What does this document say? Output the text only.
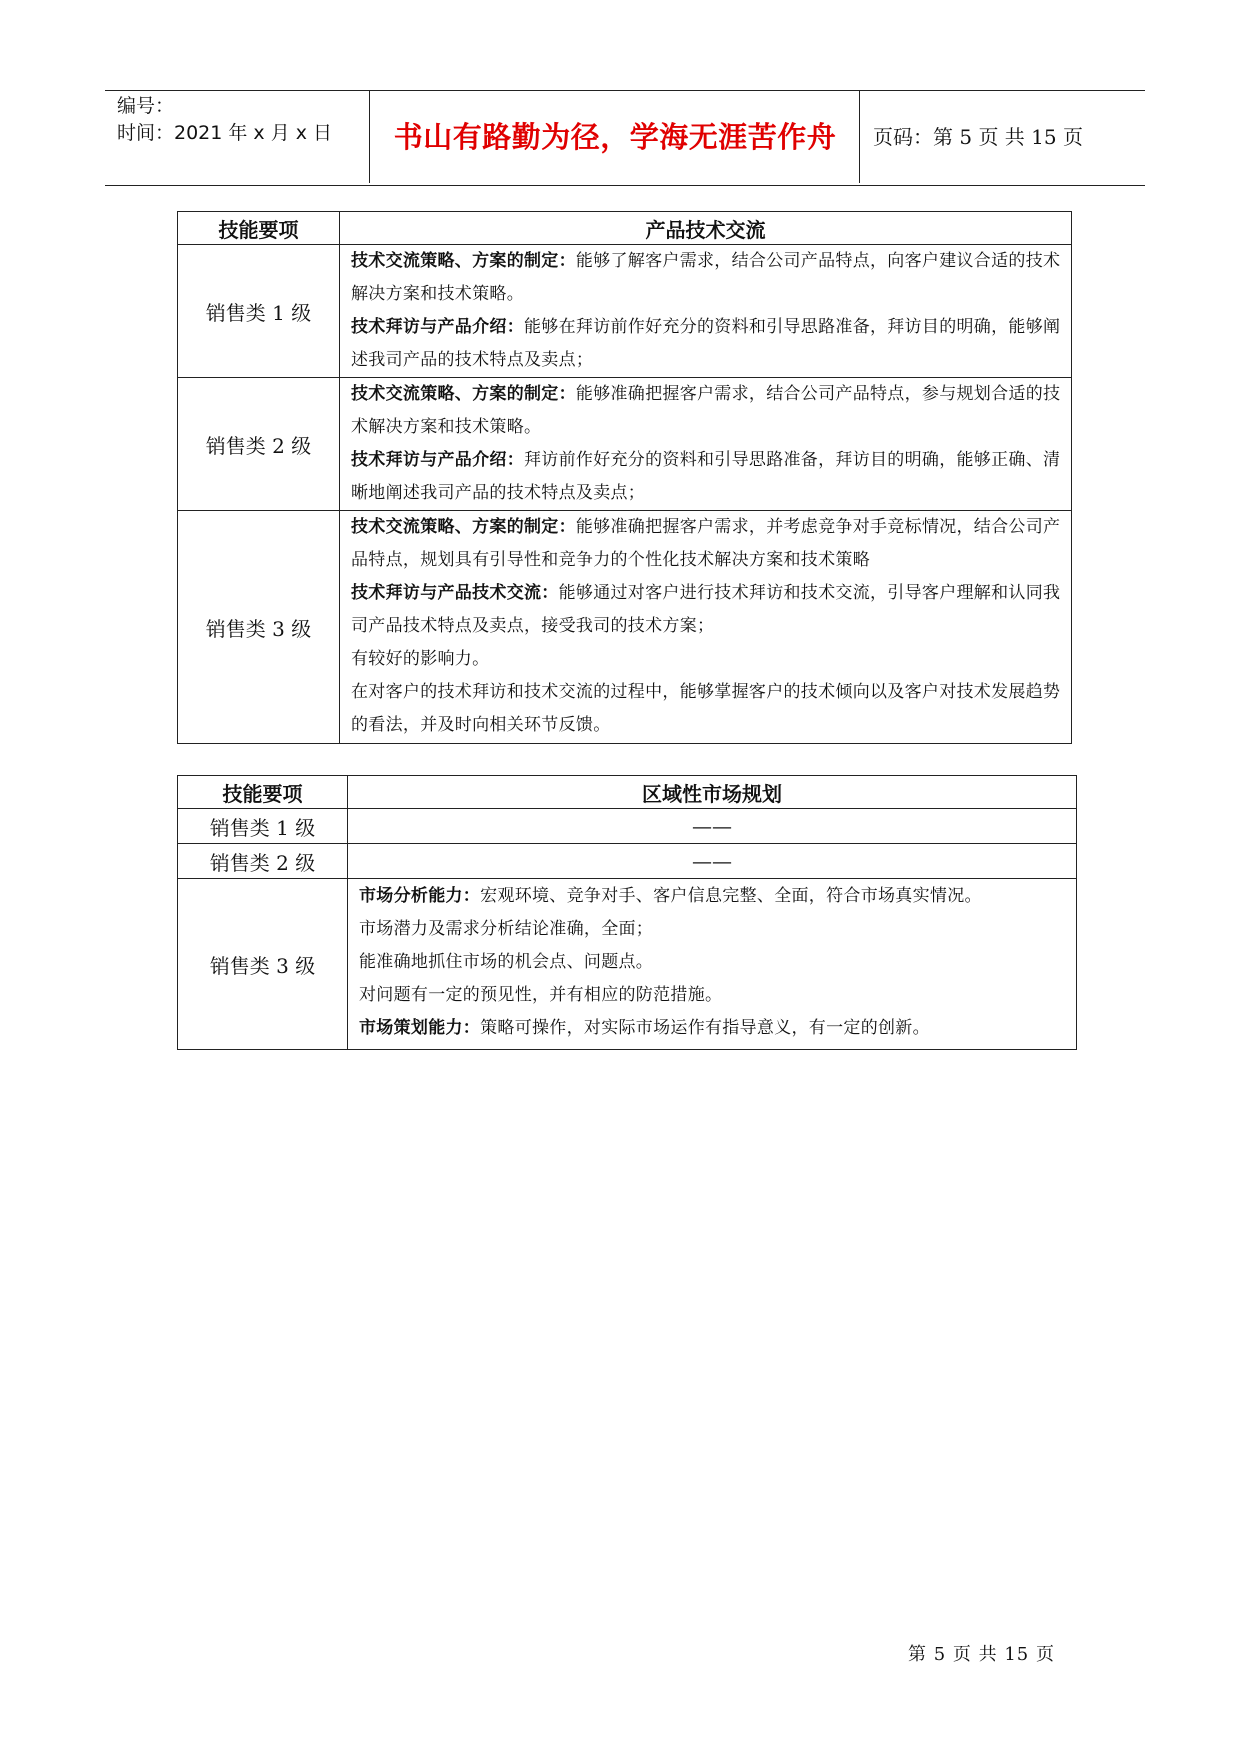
编号：
时间：2021 年 x 月 x 日	书山有路勤为径，学海无涯苦作舟	页码：第 5 页 共 15 页
技能要项	产品技术交流
销售类 1 级	技术交流策略、方案的制定：能够了解客户需求，结合公司产品特点，向客户建议合适的技术解决方案和技术策略。

技术拜访与产品介绍：能够在拜访前作好充分的资料和引导思路准备，拜访目的明确，能够阐述我司产品的技术特点及卖点；

销售类 2 级	技术交流策略、方案的制定：能够准确把握客户需求，结合公司产品特点，参与规划合适的技术解决方案和技术策略。

技术拜访与产品介绍：拜访前作好充分的资料和引导思路准备，拜访目的明确，能够正确、清晰地阐述我司产品的技术特点及卖点；

销售类 3 级	技术交流策略、方案的制定：能够准确把握客户需求，并考虑竞争对手竞标情况，结合公司产品特点，规划具有引导性和竞争力的个性化技术解决方案和技术策略

技术拜访与产品技术交流：能够通过对客户进行技术拜访和技术交流，引导客户理解和认同我司产品技术特点及卖点，接受我司的技术方案；

有较好的影响力。

在对客户的技术拜访和技术交流的过程中，能够掌握客户的技术倾向以及客户对技术发展趋势的看法，并及时向相关环节反馈。

技能要项	区域性市场规划
销售类 1 级	——
销售类 2 级	——
销售类 3 级	市场分析能力：宏观环境、竞争对手、客户信息完整、全面，符合市场真实情况。

市场潜力及需求分析结论准确，全面；

能准确地抓住市场的机会点、问题点。

对问题有一定的预见性，并有相应的防范措施。

市场策划能力：策略可操作，对实际市场运作有指导意义，有一定的创新。

第 5 页 共 15 页
